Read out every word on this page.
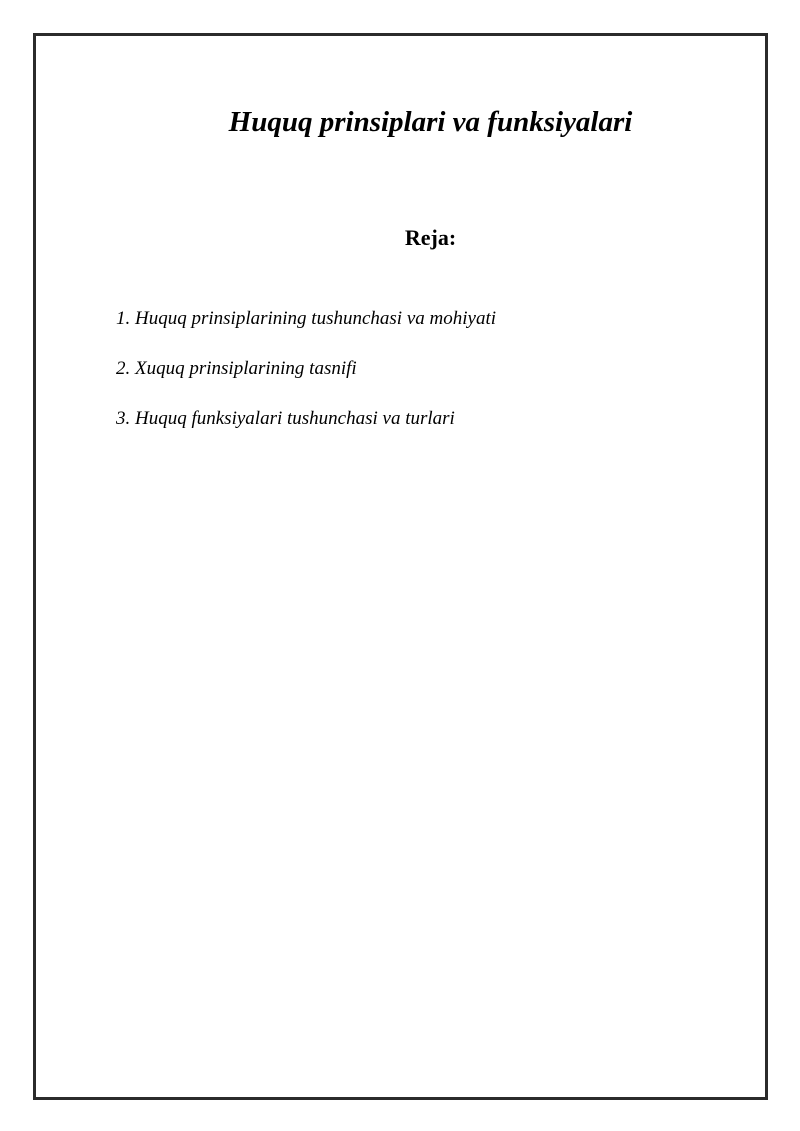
Huquq prinsiplari va funksiyalari
Reja:
1. Huquq prinsiplarining tushunchasi va mohiyati
2. Xuquq prinsiplarining tasnifi
3. Huquq funksiyalari tushunchasi va turlari
